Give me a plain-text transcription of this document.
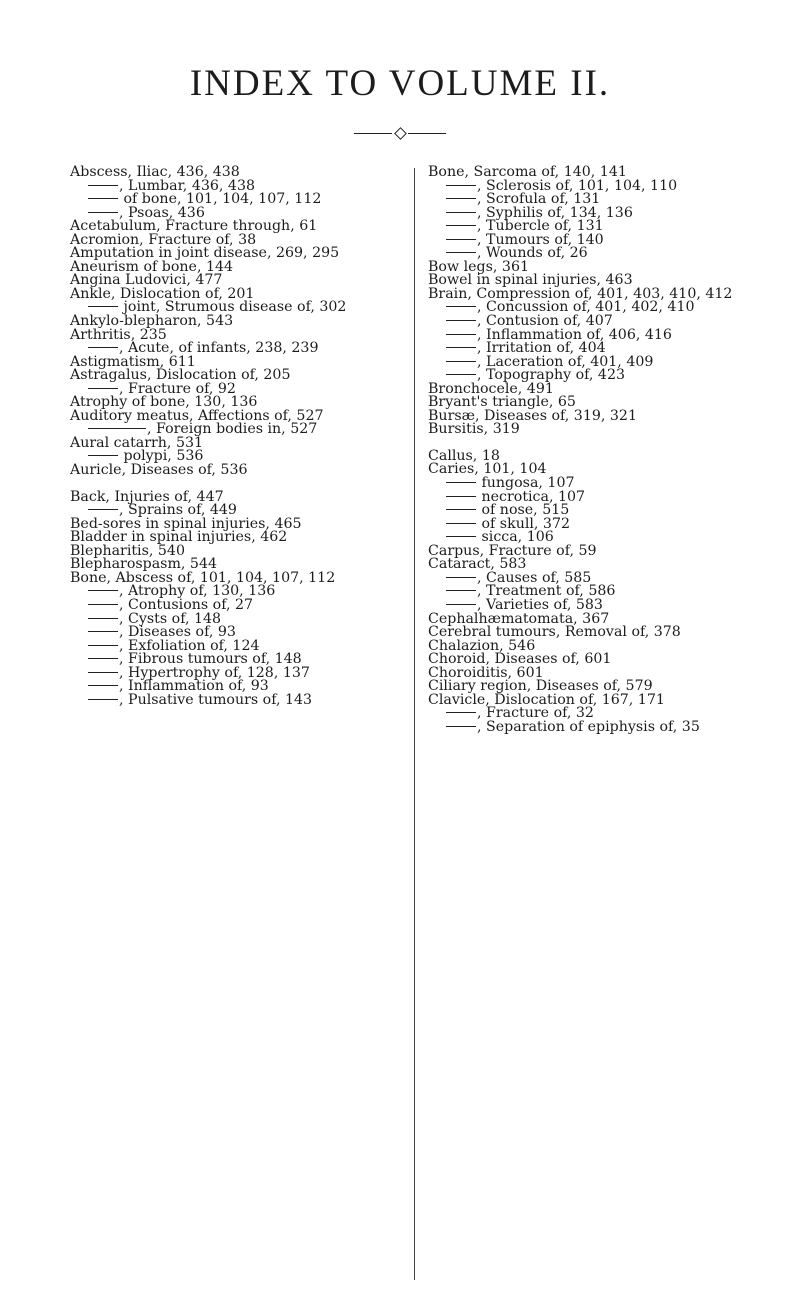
INDEX TO VOLUME II.
Abscess, Iliac, 436, 438
, Lumbar, 436, 438
of bone, 101, 104, 107, 112
, Psoas, 436
Acetabulum, Fracture through, 61
Acromion, Fracture of, 38
Amputation in joint disease, 269, 295
Aneurism of bone, 144
Angina Ludovici, 477
Ankle, Dislocation of, 201
joint, Strumous disease of, 302
Ankylo-blepharon, 543
Arthritis, 235
, Acute, of infants, 238, 239
Astigmatism, 611
Astragalus, Dislocation of, 205
, Fracture of, 92
Atrophy of bone, 130, 136
Auditory meatus, Affections of, 527
, Foreign bodies in, 527
Aural catarrh, 531
polypi, 536
Auricle, Diseases of, 536
Back, Injuries of, 447
, Sprains of, 449
Bed-sores in spinal injuries, 465
Bladder in spinal injuries, 462
Blepharitis, 540
Blepharospasm, 544
Bone, Abscess of, 101, 104, 107, 112
, Atrophy of, 130, 136
, Contusions of, 27
, Cysts of, 148
, Diseases of, 93
, Exfoliation of, 124
, Fibrous tumours of, 148
, Hypertrophy of, 128, 137
, Inflammation of, 93
, Pulsative tumours of, 143
Bone, Sarcoma of, 140, 141
, Sclerosis of, 101, 104, 110
, Scrofula of, 131
, Syphilis of, 134, 136
, Tubercle of, 131
, Tumours of, 140
, Wounds of, 26
Bow legs, 361
Bowel in spinal injuries, 463
Brain, Compression of, 401, 403, 410, 412
, Concussion of, 401, 402, 410
, Contusion of, 407
, Inflammation of, 406, 416
, Irritation of, 404
, Laceration of, 401, 409
, Topography of, 423
Bronchocele, 491
Bryant's triangle, 65
Bursæ, Diseases of, 319, 321
Bursitis, 319
Callus, 18
Caries, 101, 104
fungosa, 107
necrotica, 107
of nose, 515
of skull, 372
sicca, 106
Carpus, Fracture of, 59
Cataract, 583
, Causes of, 585
, Treatment of, 586
, Varieties of, 583
Cephalhæmatomata, 367
Cerebral tumours, Removal of, 378
Chalazion, 546
Choroid, Diseases of, 601
Choroiditis, 601
Ciliary region, Diseases of, 579
Clavicle, Dislocation of, 167, 171
, Fracture of, 32
, Separation of epiphysis of, 35
